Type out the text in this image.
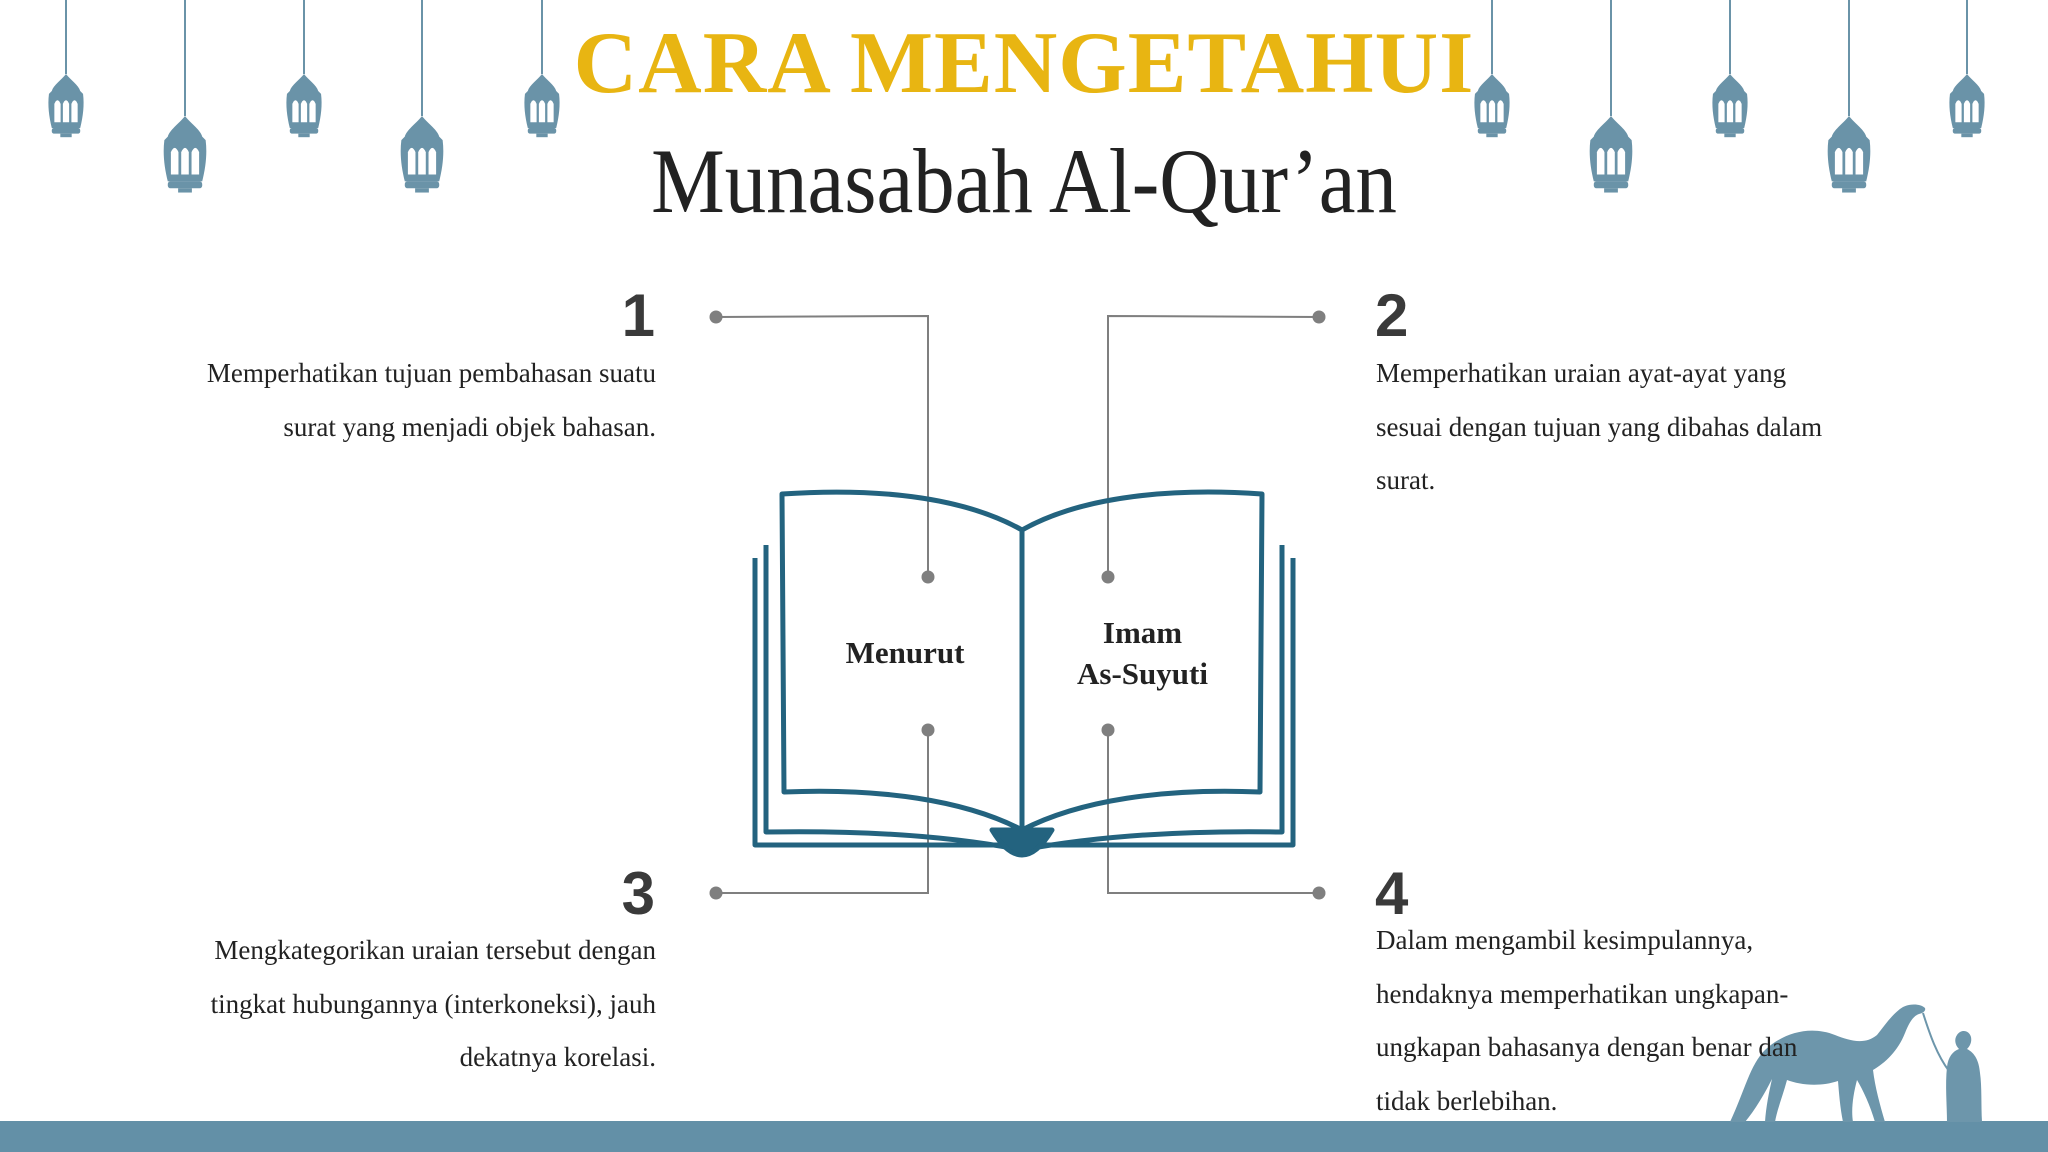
CARA MENGETAHUI
Munasabah Al-Qur’an
Menurut
Imam
As-Suyuti
1
Memperhatikan tujuan pembahasan suatu
surat yang menjadi objek bahasan.
2
Memperhatikan uraian ayat-ayat yang
sesuai dengan tujuan yang dibahas dalam
surat.
3
Mengkategorikan uraian tersebut dengan
tingkat hubungannya (interkoneksi), jauh
dekatnya korelasi.
4
Dalam mengambil kesimpulannya,
hendaknya memperhatikan ungkapan-
ungkapan bahasanya dengan benar dan
tidak berlebihan.
